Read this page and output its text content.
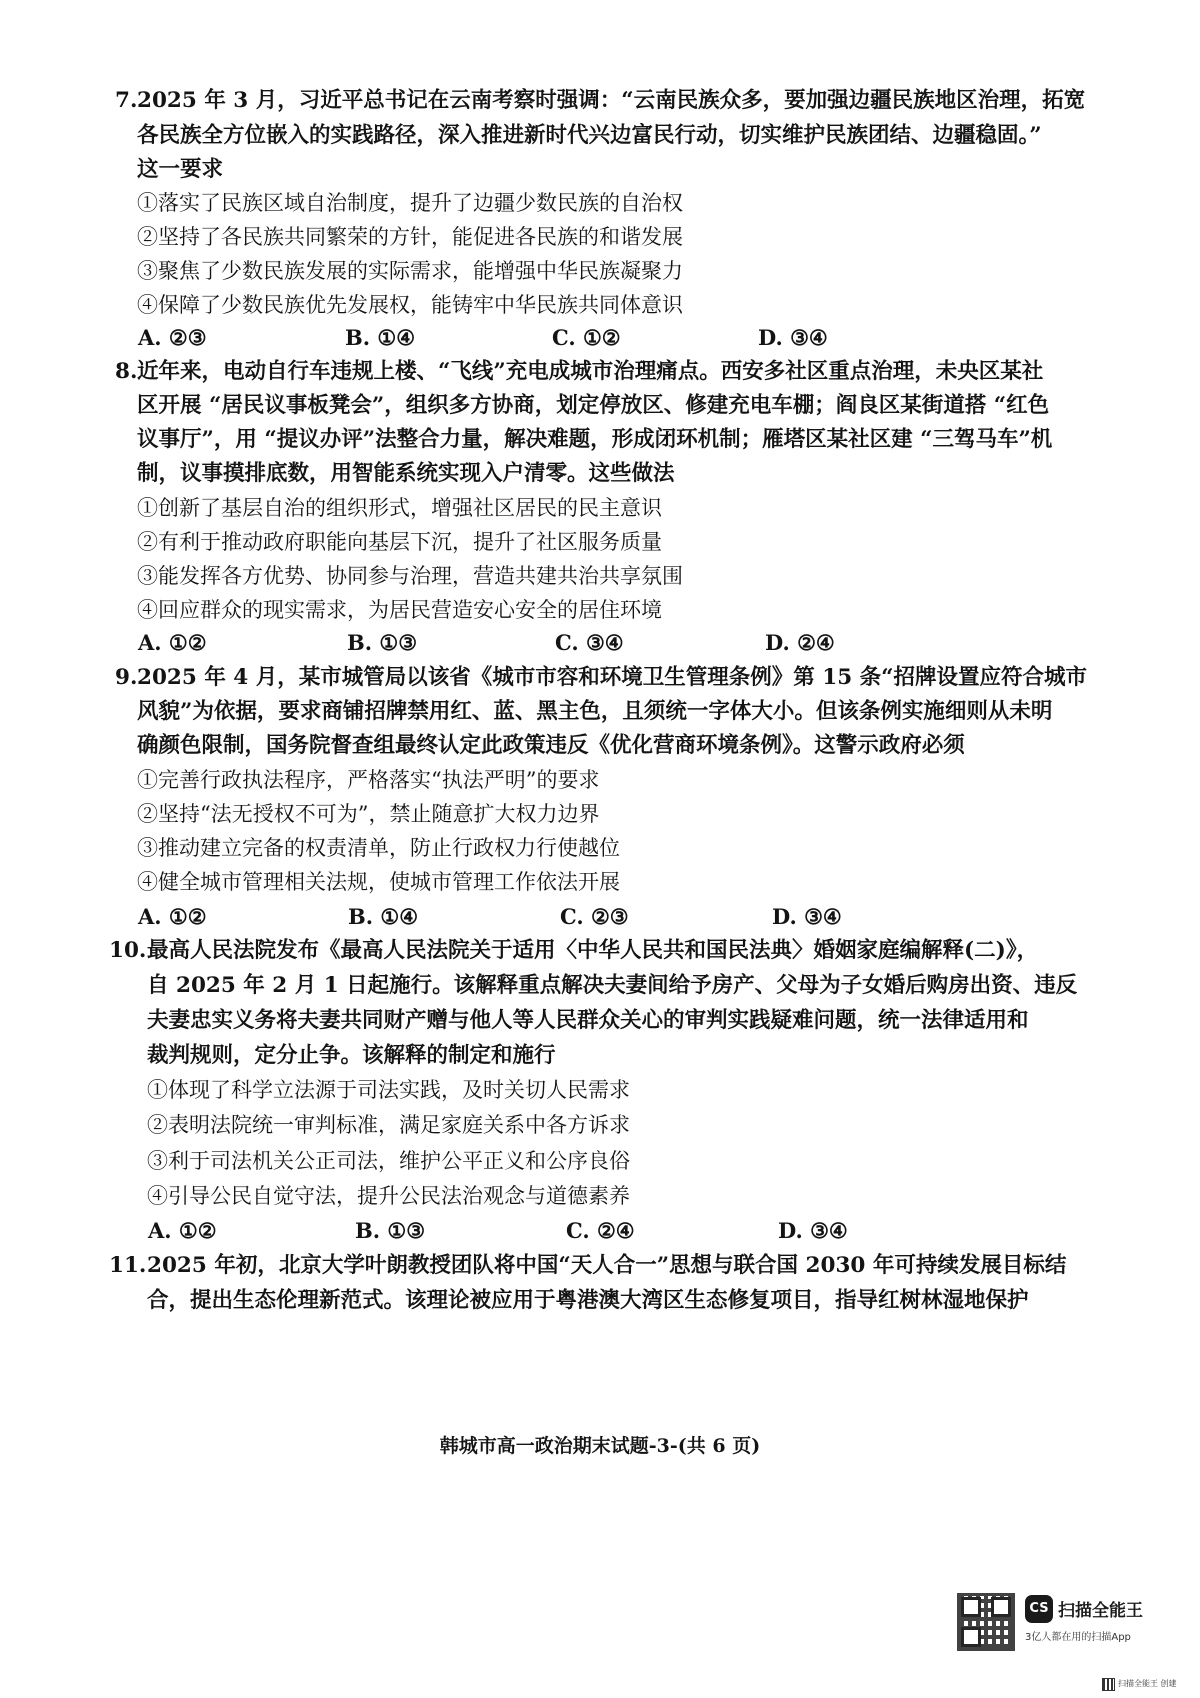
7. 2025 年 3 月，习近平总书记在云南考察时强调：“云南民族众多，要加强边疆民族地区治理，拓宽
各民族全方位嵌入的实践路径，深入推进新时代兴边富民行动，切实维护民族团结、边疆稳固。”
这一要求
①落实了民族区域自治制度，提升了边疆少数民族的自治权
②坚持了各民族共同繁荣的方针，能促进各民族的和谐发展
③聚焦了少数民族发展的实际需求，能增强中华民族凝聚力
④保障了少数民族优先发展权，能铸牢中华民族共同体意识
A. ②③	B. ①④	C. ①②	D. ③④
8. 近年来，电动自行车违规上楼、“飞线”充电成城市治理痛点。西安多社区重点治理，未央区某社
区开展 “居民议事板凳会”，组织多方协商，划定停放区、修建充电车棚；阎良区某街道搭 “红色
议事厅”，用 “提议办评”法整合力量，解决难题，形成闭环机制；雁塔区某社区建 “三驾马车”机
制，议事摸排底数，用智能系统实现入户清零。这些做法
①创新了基层自治的组织形式，增强社区居民的民主意识
②有利于推动政府职能向基层下沉，提升了社区服务质量
③能发挥各方优势、协同参与治理，营造共建共治共享氛围
④回应群众的现实需求，为居民营造安心安全的居住环境
A. ①②	B. ①③	C. ③④	D. ②④
9. 2025 年 4 月，某市城管局以该省《城市市容和环境卫生管理条例》第 15 条“招牌设置应符合城市
风貌”为依据，要求商铺招牌禁用红、蓝、黑主色，且须统一字体大小。但该条例实施细则从未明
确颜色限制，国务院督查组最终认定此政策违反《优化营商环境条例》。这警示政府必须
①完善行政执法程序，严格落实“执法严明”的要求
②坚持“法无授权不可为”，禁止随意扩大权力边界
③推动建立完备的权责清单，防止行政权力行使越位
④健全城市管理相关法规，使城市管理工作依法开展
A. ①②	B. ①④	C. ②③	D. ③④
10. 最高人民法院发布《最高人民法院关于适用〈中华人民共和国民法典〉婚姻家庭编解释(二)》，
自 2025 年 2 月 1 日起施行。该解释重点解决夫妻间给予房产、父母为子女婚后购房出资、违反
夫妻忠实义务将夫妻共同财产赠与他人等人民群众关心的审判实践疑难问题，统一法律适用和
裁判规则，定分止争。该解释的制定和施行
①体现了科学立法源于司法实践，及时关切人民需求
②表明法院统一审判标准，满足家庭关系中各方诉求
③利于司法机关公正司法，维护公平正义和公序良俗
④引导公民自觉守法，提升公民法治观念与道德素养
A. ①②	B. ①③	C. ②④	D. ③④
11. 2025 年初，北京大学叶朗教授团队将中国“天人合一”思想与联合国 2030 年可持续发展目标结
合，提出生态伦理新范式。该理论被应用于粤港澳大湾区生态修复项目，指导红树林湿地保护
韩城市高一政治期末试题-3-(共 6 页)
CS 扫描全能王
3亿人都在用的扫描App
扫描全能王 创建
